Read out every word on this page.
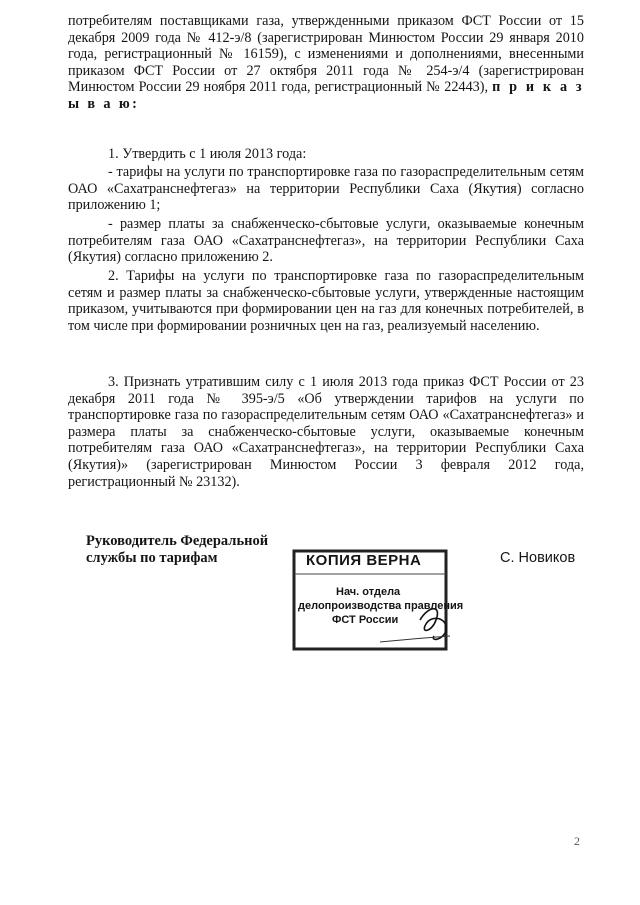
потребителям поставщиками газа, утвержденными приказом ФСТ России от 15 декабря 2009 года № 412-э/8 (зарегистрирован Минюстом России 29 января 2010 года, регистрационный № 16159), с изменениями и дополнениями, внесенными приказом ФСТ России от 27 октября 2011 года № 254-э/4 (зарегистрирован Минюстом России 29 ноября 2011 года, регистрационный № 22443), п р и к а з ы в а ю:

1. Утвердить с 1 июля 2013 года:

- тарифы на услуги по транспортировке газа по газораспределительным сетям ОАО «Сахатранснефтегаз» на территории Республики Саха (Якутия) согласно приложению 1;

- размер платы за снабженческо-сбытовые услуги, оказываемые конечным потребителям газа ОАО «Сахатранснефтегаз», на территории Республики Саха (Якутия) согласно приложению 2.

2. Тарифы на услуги по транспортировке газа по газораспределительным сетям и размер платы за снабженческо-сбытовые услуги, утвержденные настоящим приказом, учитываются при формировании цен на газ для конечных потребителей, в том числе при формировании розничных цен на газ, реализуемый населению.

3. Признать утратившим силу с 1 июля 2013 года приказ ФСТ России от 23 декабря 2011 года № 395-э/5 «Об утверждении тарифов на услуги по транспортировке газа по газораспределительным сетям ОАО «Сахатранснефтегаз» и размера платы за снабженческо-сбытовые услуги, оказываемые конечным потребителям газа ОАО «Сахатранснефтегаз», на территории Республики Саха (Якутия)» (зарегистрирован Минюстом России 3 февраля 2012 года, регистрационный № 23132).

Руководитель Федеральной
службы по тарифам	КОПИЯ ВЕРНА
Нач. отдела
делопроизводства правления
ФСТ России
С. Новиков
2
